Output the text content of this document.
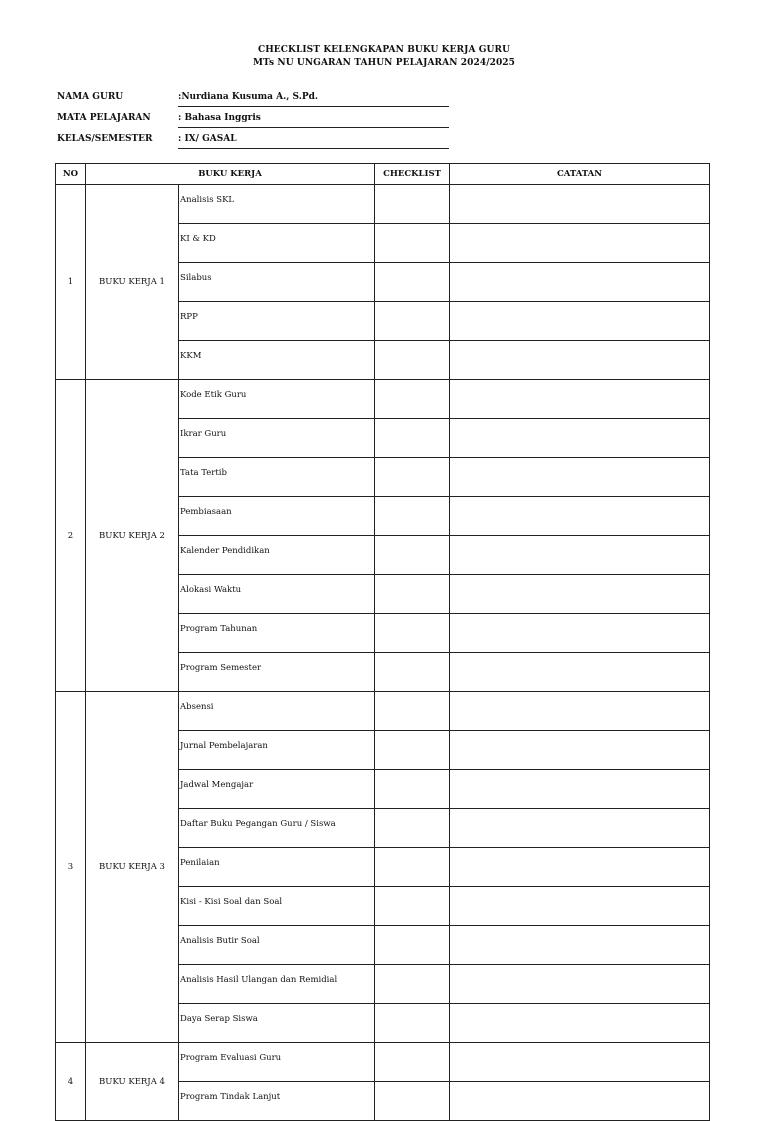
CHECKLIST KELENGKAPAN BUKU KERJA GURU
MTs NU UNGARAN TAHUN PELAJARAN 2024/2025
NAMA GURU	:Nurdiana Kusuma A., S.Pd.
MATA PELAJARAN	: Bahasa Inggris
KELAS/SEMESTER	: IX/ GASAL
NO	BUKU KERJA		CHECKLIST	CATATAN
1	BUKU KERJA 1	Analisis SKL		
		KI & KD		
		Silabus		
		RPP		
		KKM		
2	BUKU KERJA 2	Kode Etik Guru		
		Ikrar Guru		
		Tata Tertib		
		Pembiasaan		
		Kalender Pendidikan		
		Alokasi Waktu		
		Program Tahunan		
		Program Semester		
3	BUKU KERJA 3	Absensi		
		Jurnal Pembelajaran		
		Jadwal Mengajar		
		Daftar Buku Pegangan Guru / Siswa		
		Penilaian		
		Kisi - Kisi Soal dan Soal		
		Analisis Butir Soal		
		Analisis Hasil Ulangan dan Remidial		
		Daya Serap Siswa		
4	BUKU KERJA 4	Program Evaluasi Guru		
		Program Tindak Lanjut		
